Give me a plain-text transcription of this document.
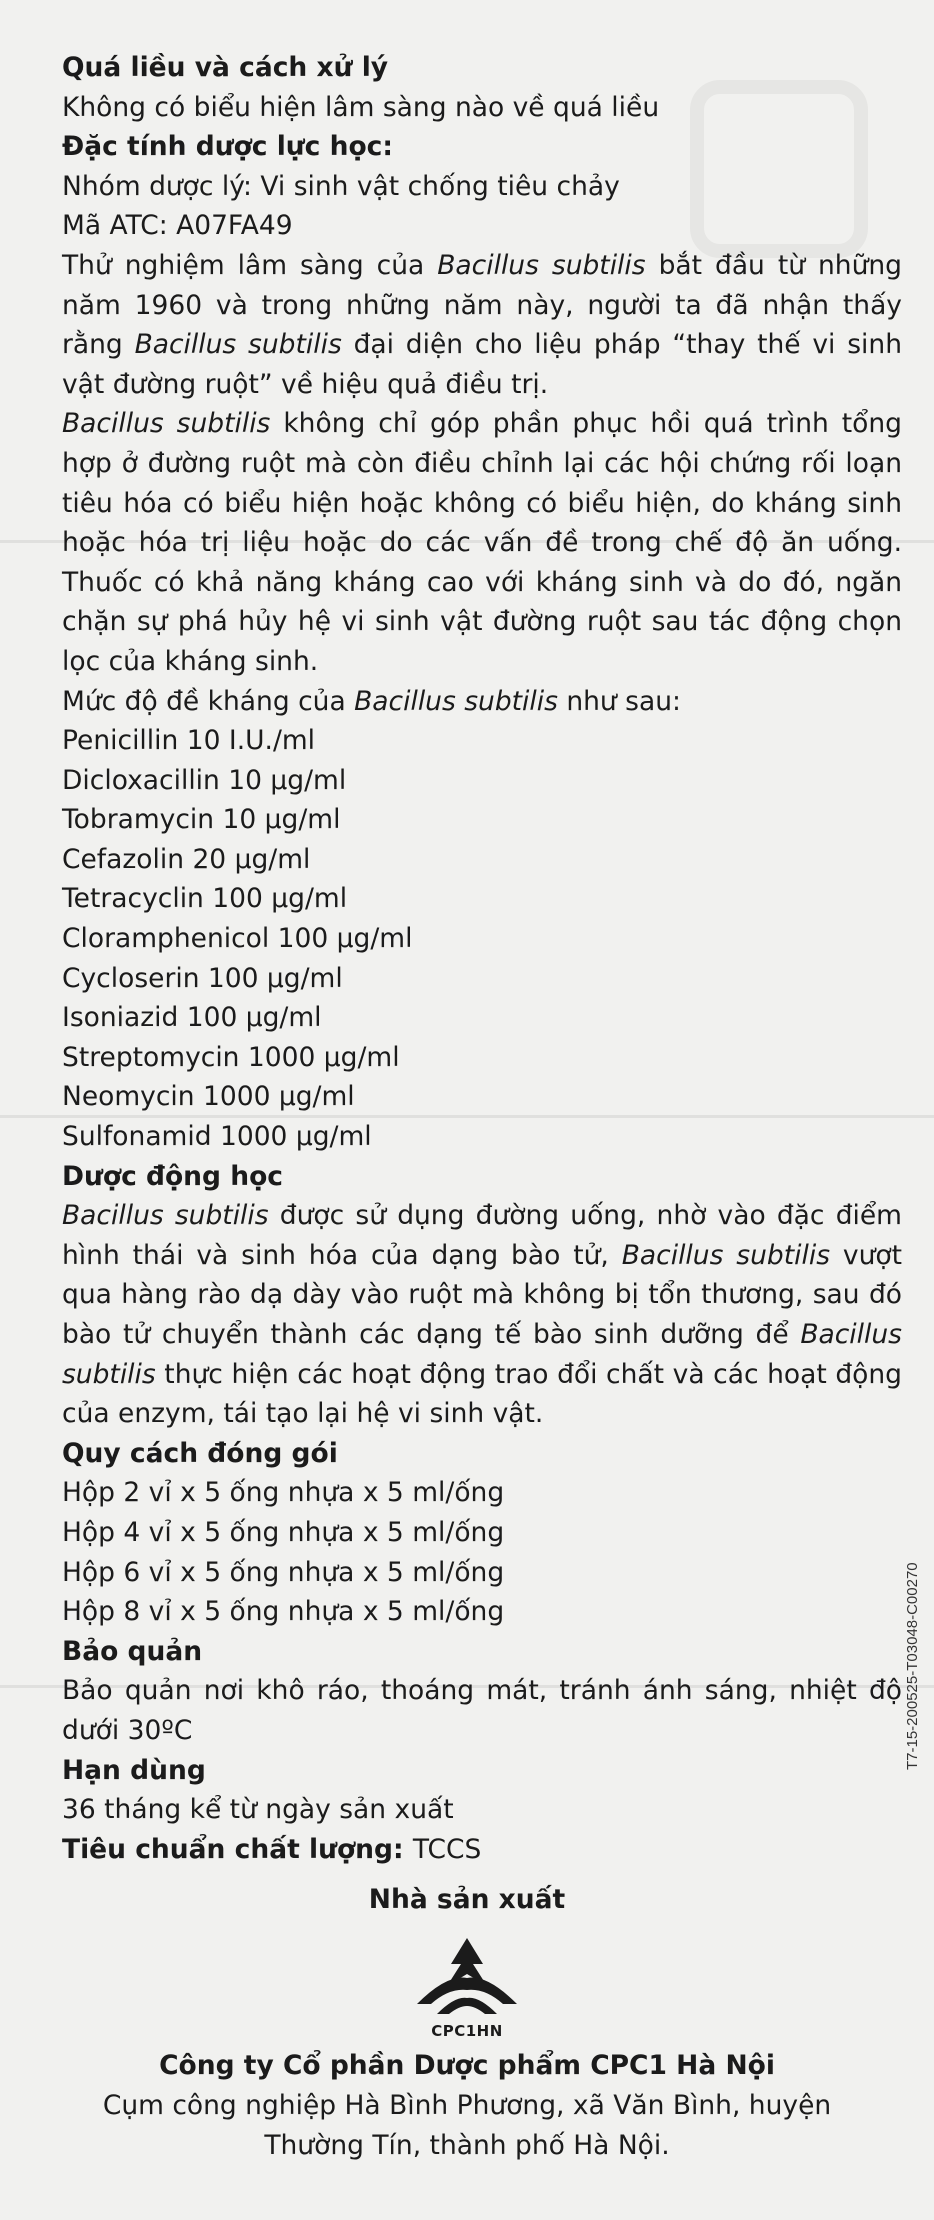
Quá liều và cách xử lý

Không có biểu hiện lâm sàng nào về quá liều

Đặc tính dược lực học:

Nhóm dược lý: Vi sinh vật chống tiêu chảy

Mã ATC: A07FA49

Thử nghiệm lâm sàng của Bacillus subtilis bắt đầu từ những năm 1960 và trong những năm này, người ta đã nhận thấy rằng Bacillus subtilis đại diện cho liệu pháp “thay thế vi sinh vật đường ruột” về hiệu quả điều trị.

Bacillus subtilis không chỉ góp phần phục hồi quá trình tổng hợp ở đường ruột mà còn điều chỉnh lại các hội chứng rối loạn tiêu hóa có biểu hiện hoặc không có biểu hiện, do kháng sinh hoặc hóa trị liệu hoặc do các vấn đề trong chế độ ăn uống. Thuốc có khả năng kháng cao với kháng sinh và do đó, ngăn chặn sự phá hủy hệ vi sinh vật đường ruột sau tác động chọn lọc của kháng sinh.

Mức độ đề kháng của Bacillus subtilis như sau:

Penicillin 10 I.U./ml

Dicloxacillin 10 μg/ml

Tobramycin 10 μg/ml

Cefazolin 20 μg/ml

Tetracyclin 100 μg/ml

Cloramphenicol 100 μg/ml

Cycloserin 100 μg/ml

Isoniazid 100 μg/ml

Streptomycin 1000 μg/ml

Neomycin 1000 μg/ml

Sulfonamid 1000 μg/ml

Dược động học

Bacillus subtilis được sử dụng đường uống, nhờ vào đặc điểm hình thái và sinh hóa của dạng bào tử, Bacillus subtilis vượt qua hàng rào dạ dày vào ruột mà không bị tổn thương, sau đó bào tử chuyển thành các dạng tế bào sinh dưỡng để Bacillus subtilis thực hiện các hoạt động trao đổi chất và các hoạt động của enzym, tái tạo lại hệ vi sinh vật.

Quy cách đóng gói

Hộp 2 vỉ x 5 ống nhựa x 5 ml/ống

Hộp 4 vỉ x 5 ống nhựa x 5 ml/ống

Hộp 6 vỉ x 5 ống nhựa x 5 ml/ống

Hộp 8 vỉ x 5 ống nhựa x 5 ml/ống

Bảo quản

Bảo quản nơi khô ráo, thoáng mát, tránh ánh sáng, nhiệt độ dưới 30ºC

Hạn dùng

36 tháng kể từ ngày sản xuất

Tiêu chuẩn chất lượng: TCCS

Nhà sản xuất
CPC1HN
Công ty Cổ phần Dược phẩm CPC1 Hà Nội
Cụm công nghiệp Hà Bình Phương, xã Văn Bình, huyện
Thường Tín, thành phố Hà Nội.
T7-15-200525-T03048-C00270
